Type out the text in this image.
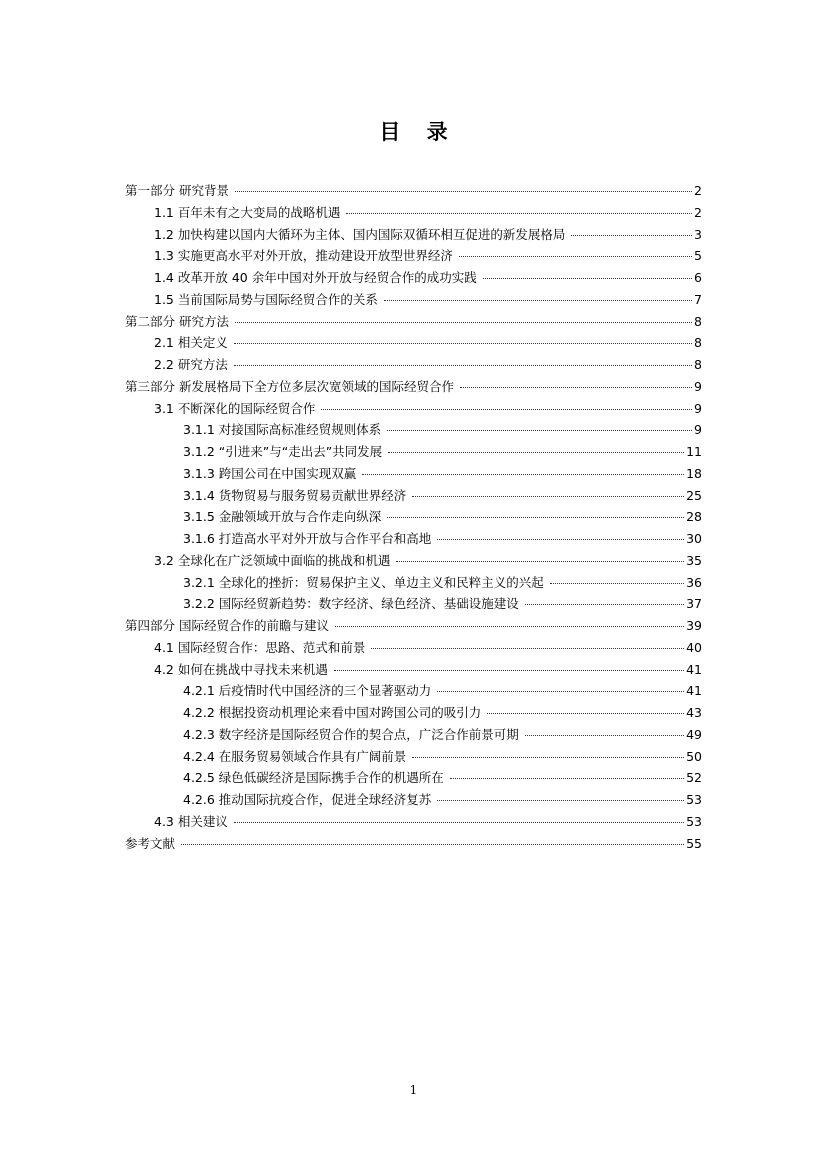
目 录
第一部分 研究背景	2
1.1 百年未有之大变局的战略机遇	2
1.2 加快构建以国内大循环为主体、国内国际双循环相互促进的新发展格局	3
1.3 实施更高水平对外开放，推动建设开放型世界经济	5
1.4 改革开放 40 余年中国对外开放与经贸合作的成功实践	6
1.5 当前国际局势与国际经贸合作的关系	7
第二部分 研究方法	8
2.1 相关定义	8
2.2 研究方法	8
第三部分 新发展格局下全方位多层次宽领域的国际经贸合作	9
3.1 不断深化的国际经贸合作	9
3.1.1 对接国际高标准经贸规则体系	9
3.1.2 “引进来”与“走出去”共同发展	11
3.1.3 跨国公司在中国实现双赢	18
3.1.4 货物贸易与服务贸易贡献世界经济	25
3.1.5 金融领域开放与合作走向纵深	28
3.1.6 打造高水平对外开放与合作平台和高地	30
3.2 全球化在广泛领域中面临的挑战和机遇	35
3.2.1 全球化的挫折：贸易保护主义、单边主义和民粹主义的兴起	36
3.2.2 国际经贸新趋势：数字经济、绿色经济、基础设施建设	37
第四部分 国际经贸合作的前瞻与建议	39
4.1 国际经贸合作：思路、范式和前景	40
4.2 如何在挑战中寻找未来机遇	41
4.2.1 后疫情时代中国经济的三个显著驱动力	41
4.2.2 根据投资动机理论来看中国对跨国公司的吸引力	43
4.2.3 数字经济是国际经贸合作的契合点，广泛合作前景可期	49
4.2.4 在服务贸易领域合作具有广阔前景	50
4.2.5 绿色低碳经济是国际携手合作的机遇所在	52
4.2.6 推动国际抗疫合作，促进全球经济复苏	53
4.3 相关建议	53
参考文献	55
1
